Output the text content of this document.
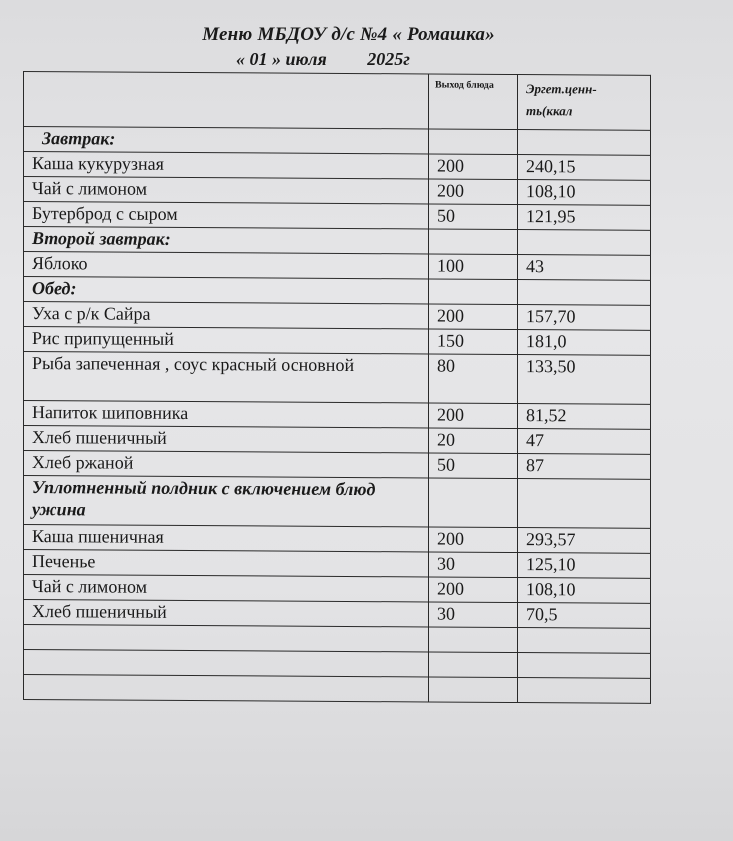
Меню МБДОУ д/с №4 « Ромашка»
« 01 » июля 2025г
	Выход блюда	Эргет.ценн-ть(ккал
Завтрак:		
Каша кукурузная	200	240,15
Чай с лимоном	200	108,10
Бутерброд с сыром	50	121,95
Второй завтрак:		
Яблоко	100	43
Обед:		
Уха с р/к Сайра	200	157,70
Рис припущенный	150	181,0
Рыба запеченная , соус красный основной	80	133,50
Напиток шиповника	200	81,52
Хлеб пшеничный	20	47
Хлеб ржаной	50	87
Уплотненный полдник с включением блюд ужина		
Каша пшеничная	200	293,57
Печенье	30	125,10
Чай с лимоном	200	108,10
Хлеб пшеничный	30	70,5
